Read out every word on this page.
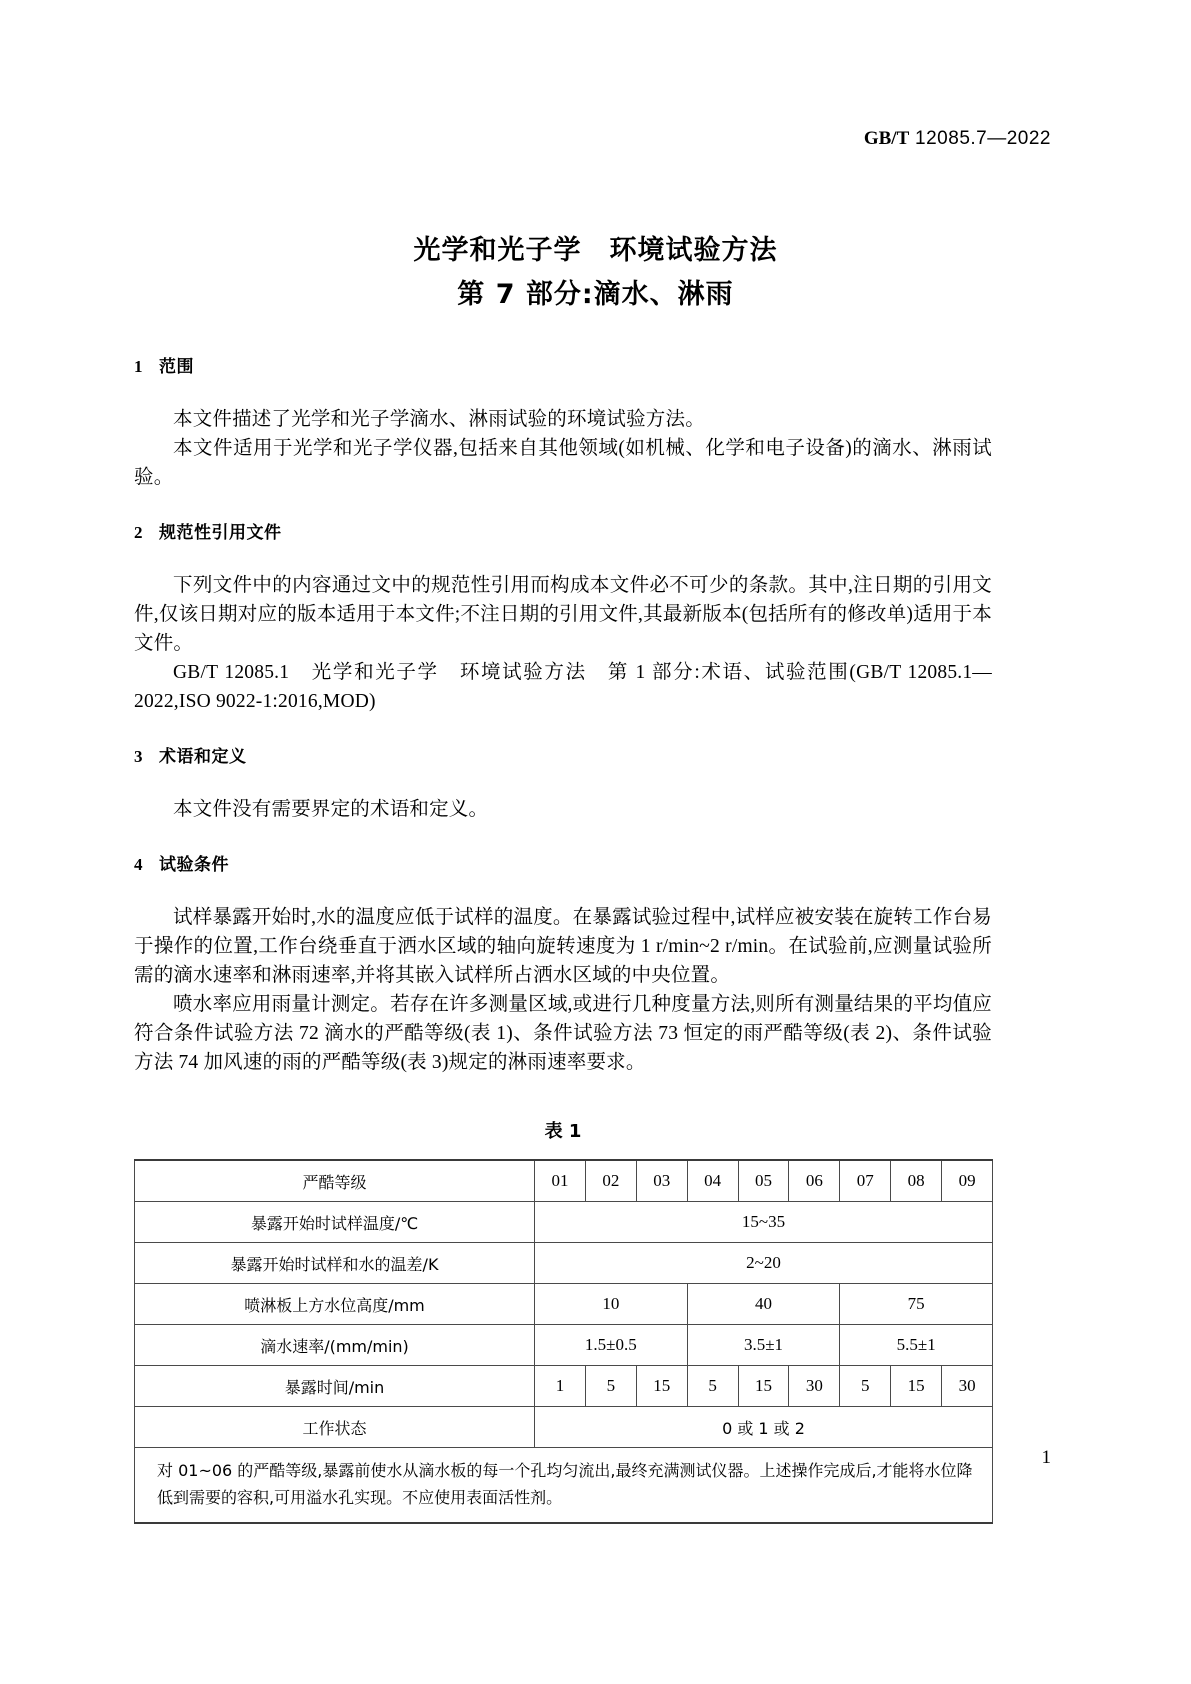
GB/T 12085.7—2022
光学和光子学　环境试验方法
第 7 部分:滴水、淋雨
1 范围

本文件描述了光学和光子学滴水、淋雨试验的环境试验方法。

本文件适用于光学和光子学仪器,包括来自其他领域(如机械、化学和电子设备)的滴水、淋雨试验。

2 规范性引用文件

下列文件中的内容通过文中的规范性引用而构成本文件必不可少的条款。其中,注日期的引用文件,仅该日期对应的版本适用于本文件;不注日期的引用文件,其最新版本(包括所有的修改单)适用于本文件。

GB/T 12085.1　光学和光子学　环境试验方法　第 1 部分:术语、试验范围(GB/T 12085.1—2022,ISO 9022-1:2016,MOD)

3 术语和定义

本文件没有需要界定的术语和定义。

4 试验条件

试样暴露开始时,水的温度应低于试样的温度。在暴露试验过程中,试样应被安装在旋转工作台易于操作的位置,工作台绕垂直于洒水区域的轴向旋转速度为 1 r/min~2 r/min。在试验前,应测量试验所需的滴水速率和淋雨速率,并将其嵌入试样所占洒水区域的中央位置。

喷水率应用雨量计测定。若存在许多测量区域,或进行几种度量方法,则所有测量结果的平均值应符合条件试验方法 72 滴水的严酷等级(表 1)、条件试验方法 73 恒定的雨严酷等级(表 2)、条件试验方法 74 加风速的雨的严酷等级(表 3)规定的淋雨速率要求。

表 1
严酷等级	01	02	03	04	05	06	07	08	09
暴露开始时试样温度/℃	15~35								
暴露开始时试样和水的温差/K	2~20								
喷淋板上方水位高度/mm	10			40			75		
滴水速率/(mm/min)	1.5±0.5			3.5±1			5.5±1		
暴露时间/min	1	5	15	5	15	30	5	15	30
工作状态	0 或 1 或 2								
对 01~06 的严酷等级,暴露前使水从滴水板的每一个孔均匀流出,最终充满测试仪器。上述操作完成后,才能将水位降低到需要的容积,可用溢水孔实现。不应使用表面活性剂。									
1
